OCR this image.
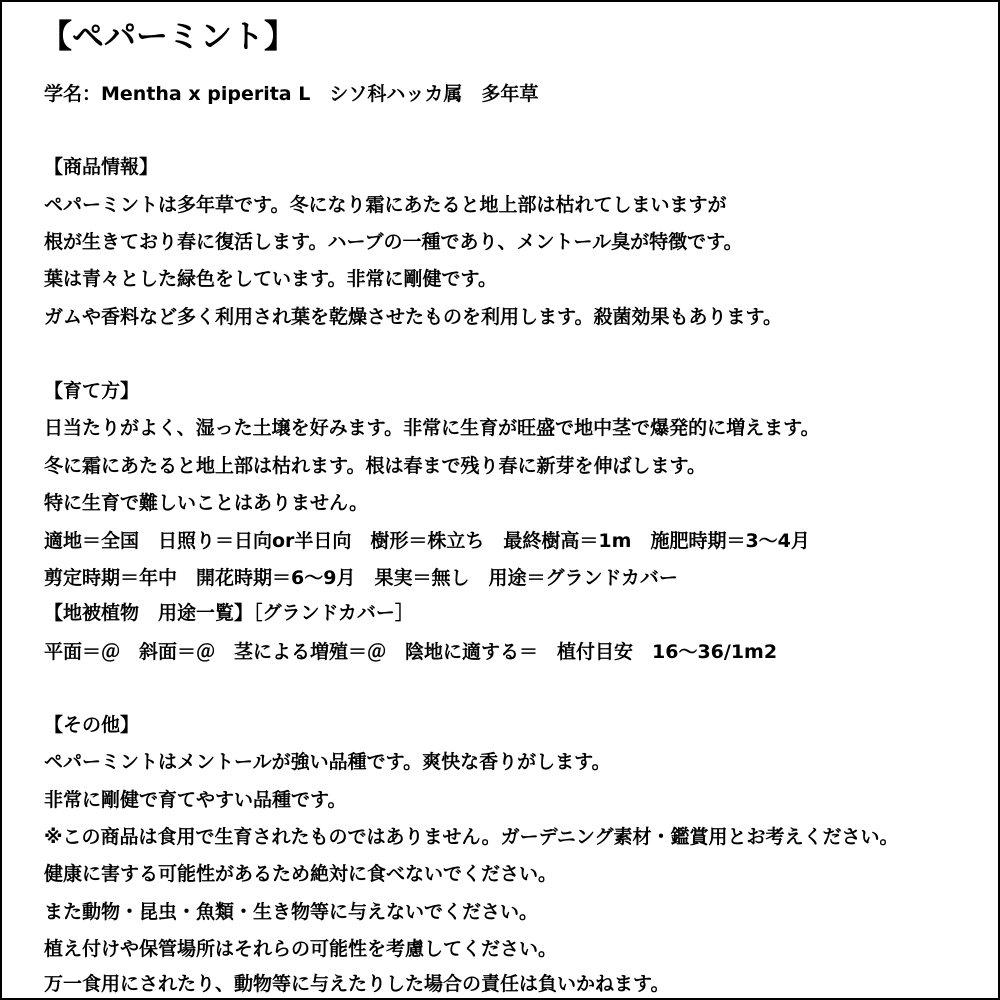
【ペパーミント】
学名：Mentha x piperita L　シソ科ハッカ属　多年草
【商品情報】
ペパーミントは多年草です。冬になり霜にあたると地上部は枯れてしまいますが
根が生きており春に復活します。ハーブの一種であり、メントール臭が特徴です。
葉は青々とした緑色をしています。非常に剛健です。
ガムや香料など多く利用され葉を乾燥させたものを利用します。殺菌効果もあります。
【育て方】
日当たりがよく、湿った土壌を好みます。非常に生育が旺盛で地中茎で爆発的に増えます。
冬に霜にあたると地上部は枯れます。根は春まで残り春に新芽を伸ばします。
特に生育で難しいことはありません。
適地＝全国　日照り＝日向or半日向　樹形＝株立ち　最終樹高＝1m　施肥時期＝3～4月
剪定時期＝年中　開花時期＝6～9月　果実＝無し　用途＝グランドカバー
【地被植物　用途一覧】［グランドカバー］
平面＝＠　斜面＝＠　茎による増殖＝＠　陰地に適する＝　植付目安　16～36/1m2
【その他】
ペパーミントはメントールが強い品種です。爽快な香りがします。
非常に剛健で育てやすい品種です。
※この商品は食用で生育されたものではありません。ガーデニング素材・鑑賞用とお考えください。
健康に害する可能性があるため絶対に食べないでください。
また動物・昆虫・魚類・生き物等に与えないでください。
植え付けや保管場所はそれらの可能性を考慮してください。
万一食用にされたり、動物等に与えたりした場合の責任は負いかねます。
